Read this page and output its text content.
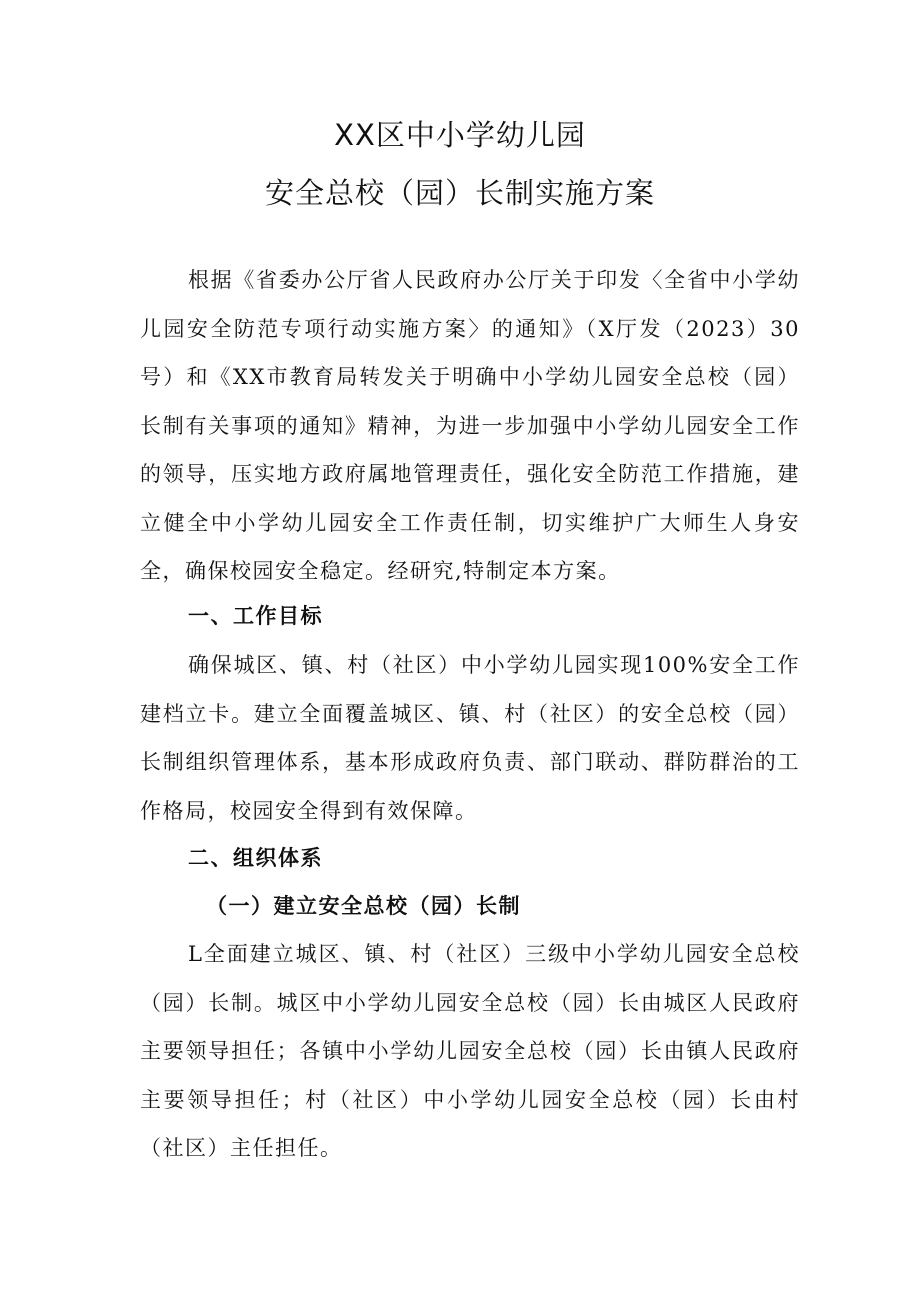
XX区中小学幼儿园
安全总校（园）长制实施方案
根据《省委办公厅省人民政府办公厅关于印发〈全省中小学幼儿园安全防范专项行动实施方案〉的通知》（X厅发（2023）30号）和《XX市教育局转发关于明确中小学幼儿园安全总校（园）长制有关事项的通知》精神，为进一步加强中小学幼儿园安全工作的领导，压实地方政府属地管理责任，强化安全防范工作措施，建立健全中小学幼儿园安全工作责任制，切实维护广大师生人身安全，确保校园安全稳定。经研究,特制定本方案。
一、工作目标
确保城区、镇、村（社区）中小学幼儿园实现100%安全工作建档立卡。建立全面覆盖城区、镇、村（社区）的安全总校（园）长制组织管理体系，基本形成政府负责、部门联动、群防群治的工作格局，校园安全得到有效保障。
二、组织体系
（一）建立安全总校（园）长制
L全面建立城区、镇、村（社区）三级中小学幼儿园安全总校（园）长制。城区中小学幼儿园安全总校（园）长由城区人民政府主要领导担任；各镇中小学幼儿园安全总校（园）长由镇人民政府主要领导担任；村（社区）中小学幼儿园安全总校（园）长由村（社区）主任担任。
